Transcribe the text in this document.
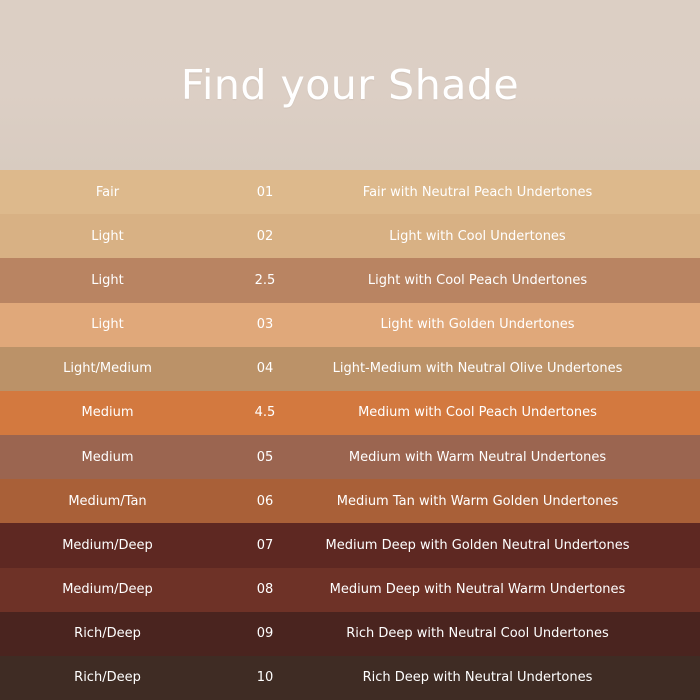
Find your Shade
Fair	01	Fair with Neutral Peach Undertones
Light	02	Light with Cool Undertones
Light	2.5	Light with Cool Peach Undertones
Light	03	Light with Golden Undertones
Light/Medium	04	Light-Medium with Neutral Olive Undertones
Medium	4.5	Medium with Cool Peach Undertones
Medium	05	Medium with Warm Neutral Undertones
Medium/Tan	06	Medium Tan with Warm Golden Undertones
Medium/Deep	07	Medium Deep with Golden Neutral Undertones
Medium/Deep	08	Medium Deep with Neutral Warm Undertones
Rich/Deep	09	Rich Deep with Neutral Cool Undertones
Rich/Deep	10	Rich Deep with Neutral Undertones
